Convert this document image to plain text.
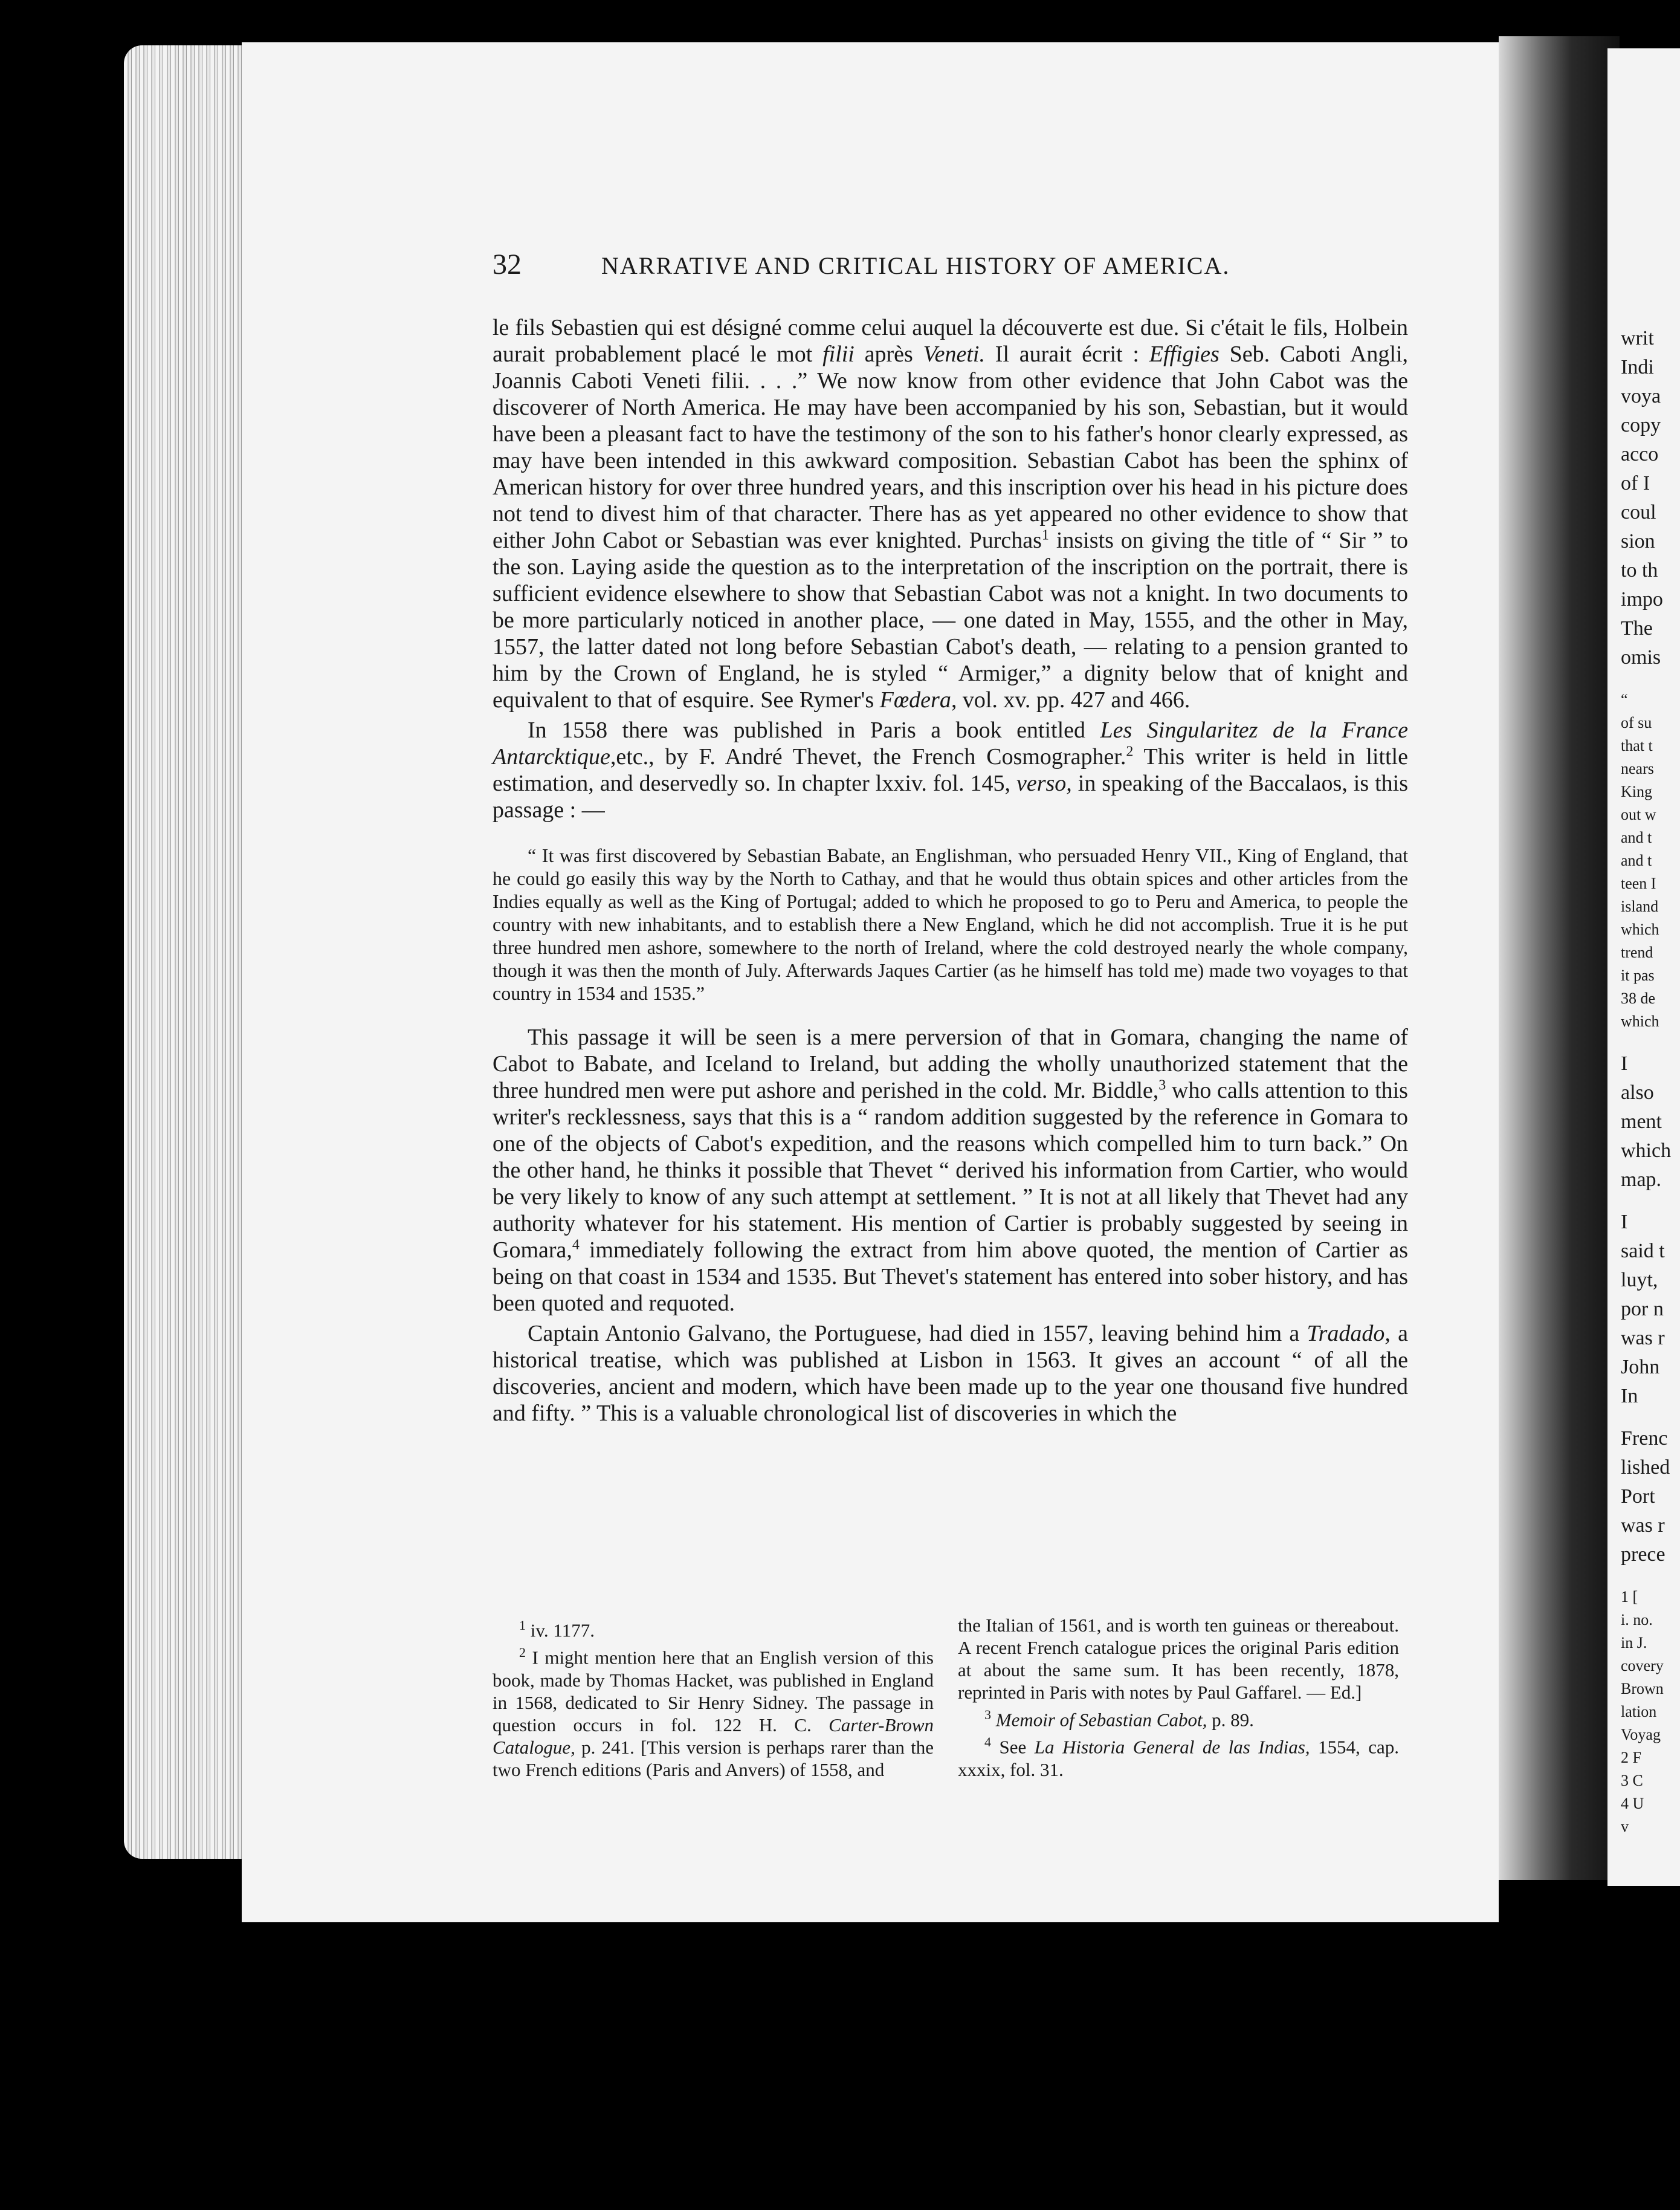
writ
Indi
voya
copy
acco
of I
coul
sion
to th
impo
The
omis
“
of su
that t
nears
King
out w
and t
and t
teen I
island
which
trend
it pas
38 de
which
I
also
ment
which
map.
I
said t
luyt,
por n
was r
John
In
Frenc
lished
Port
was r
prece
1 [
i. no.
in J.
covery
Brown
lation
Voyag
2 F
3 C
4 U
v
32	NARRATIVE AND CRITICAL HISTORY OF AMERICA.

le fils Sebastien qui est désigné comme celui auquel la découverte est due. Si c'était le fils, Holbein aurait probablement placé le mot filii après Veneti. Il aurait écrit : Effigies Seb. Caboti Angli, Joannis Caboti Veneti filii. . . .” We now know from other evidence that John Cabot was the discoverer of North America. He may have been accompanied by his son, Sebastian, but it would have been a pleasant fact to have the testimony of the son to his father's honor clearly expressed, as may have been intended in this awkward composition. Sebastian Cabot has been the sphinx of American history for over three hundred years, and this inscription over his head in his picture does not tend to divest him of that character. There has as yet appeared no other evidence to show that either John Cabot or Sebastian was ever knighted. Purchas$^1$ insists on giving the title of “ Sir ” to the son. Laying aside the question as to the interpretation of the inscription on the portrait, there is sufficient evidence elsewhere to show that Sebastian Cabot was not a knight. In two documents to be more particularly noticed in another place, — one dated in May, 1555, and the other in May, 1557, the latter dated not long before Sebastian Cabot's death, — relating to a pension granted to him by the Crown of England, he is styled “ Armiger,” a dignity below that of knight and equivalent to that of esquire. See Rymer's Fœdera, vol. xv. pp. 427 and 466.

In 1558 there was published in Paris a book entitled Les Singularitez de la France Antarcktique,etc., by F. André Thevet, the French Cosmographer.$^2$ This writer is held in little estimation, and deservedly so. In chapter lxxiv. fol. 145, verso, in speaking of the Baccalaos, is this passage : —

“ It was first discovered by Sebastian Babate, an Englishman, who persuaded Henry VII., King of England, that he could go easily this way by the North to Cathay, and that he would thus obtain spices and other articles from the Indies equally as well as the King of Portugal; added to which he proposed to go to Peru and America, to people the country with new inhabitants, and to establish there a New England, which he did not accomplish. True it is he put three hundred men ashore, somewhere to the north of Ireland, where the cold destroyed nearly the whole company, though it was then the month of July. Afterwards Jaques Cartier (as he himself has told me) made two voyages to that country in 1534 and 1535.”

This passage it will be seen is a mere perversion of that in Gomara, changing the name of Cabot to Babate, and Iceland to Ireland, but adding the wholly unauthorized statement that the three hundred men were put ashore and perished in the cold. Mr. Biddle,$^3$ who calls attention to this writer's recklessness, says that this is a “ random addition suggested by the reference in Gomara to one of the objects of Cabot's expedition, and the reasons which compelled him to turn back.” On the other hand, he thinks it possible that Thevet “ derived his information from Cartier, who would be very likely to know of any such attempt at settlement. ” It is not at all likely that Thevet had any authority whatever for his statement. His mention of Cartier is probably suggested by seeing in Gomara,$^4$ immediately following the extract from him above quoted, the mention of Cartier as being on that coast in 1534 and 1535. But Thevet's statement has entered into sober history, and has been quoted and requoted.

Captain Antonio Galvano, the Portuguese, had died in 1557, leaving behind him a Tradado, a historical treatise, which was published at Lisbon in 1563. It gives an account “ of all the discoveries, ancient and modern, which have been made up to the year one thousand five hundred and fifty. ” This is a valuable chronological list of discoveries in which the

$^1$ iv. 1177.

$^2$ I might mention here that an English version of this book, made by Thomas Hacket, was published in England in 1568, dedicated to Sir Henry Sidney. The passage in question occurs in fol. 122 H. C. Carter-Brown Catalogue, p. 241. [This version is perhaps rarer than the two French editions (Paris and Anvers) of 1558, and

the Italian of 1561, and is worth ten guineas or thereabout. A recent French catalogue prices the original Paris edition at about the same sum. It has been recently, 1878, reprinted in Paris with notes by Paul Gaffarel. — Ed.]

$^3$ Memoir of Sebastian Cabot, p. 89.

$^4$ See La Historia General de las Indias, 1554, cap. xxxix, fol. 31.
